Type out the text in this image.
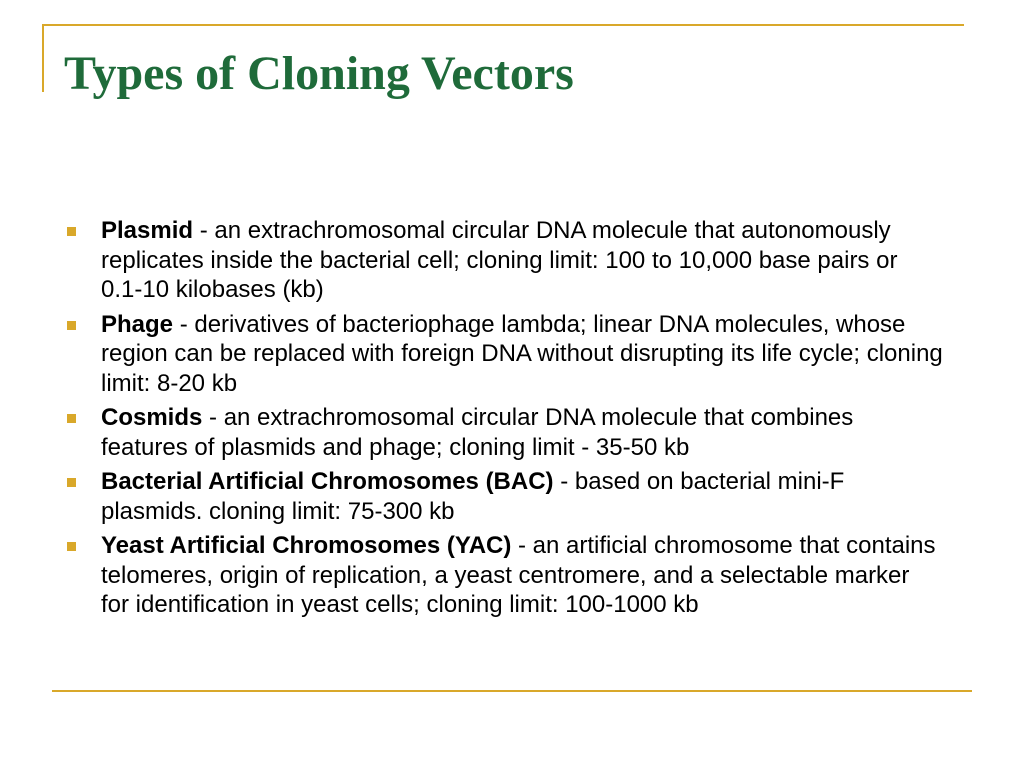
Types of Cloning Vectors
Plasmid - an extrachromosomal circular DNA molecule that autonomously replicates inside the bacterial cell; cloning limit: 100 to 10,000 base pairs or 0.1-10 kilobases (kb)
Phage - derivatives of bacteriophage lambda; linear DNA molecules, whose region can be replaced with foreign DNA without disrupting its life cycle; cloning limit: 8-20 kb
Cosmids - an extrachromosomal circular DNA molecule that combines features of plasmids and phage; cloning limit - 35-50 kb
Bacterial Artificial Chromosomes (BAC) - based on bacterial mini-F plasmids. cloning limit: 75-300 kb
Yeast Artificial Chromosomes (YAC) - an artificial chromosome that contains telomeres, origin of replication, a yeast centromere, and a selectable marker for identification in yeast cells; cloning limit: 100-1000 kb
